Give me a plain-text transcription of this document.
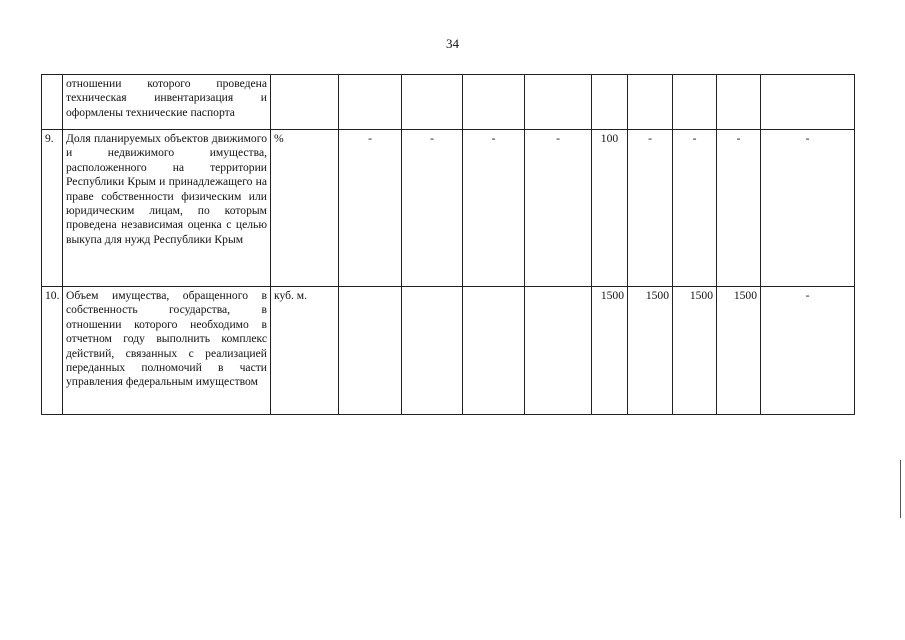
34
	отношении которого проведена техническая инвентаризация и оформлены технические паспорта										
9.	Доля планируемых объектов движимого и недвижимого имущества, расположенного на территории Республики Крым и принадлежащего на праве собственности физическим или юридическим лицам, по которым проведена независимая оценка с целью выкупа для нужд Республики Крым	%	-	-	-	-	100	-	-	-	-
10.	Объем имущества, обращенного в собственность государства, в отношении которого необходимо в отчетном году выполнить комплекс действий, связанных с реализацией переданных полномочий в части управления федеральным имуществом	куб. м.					1500	1500	1500	1500	-
